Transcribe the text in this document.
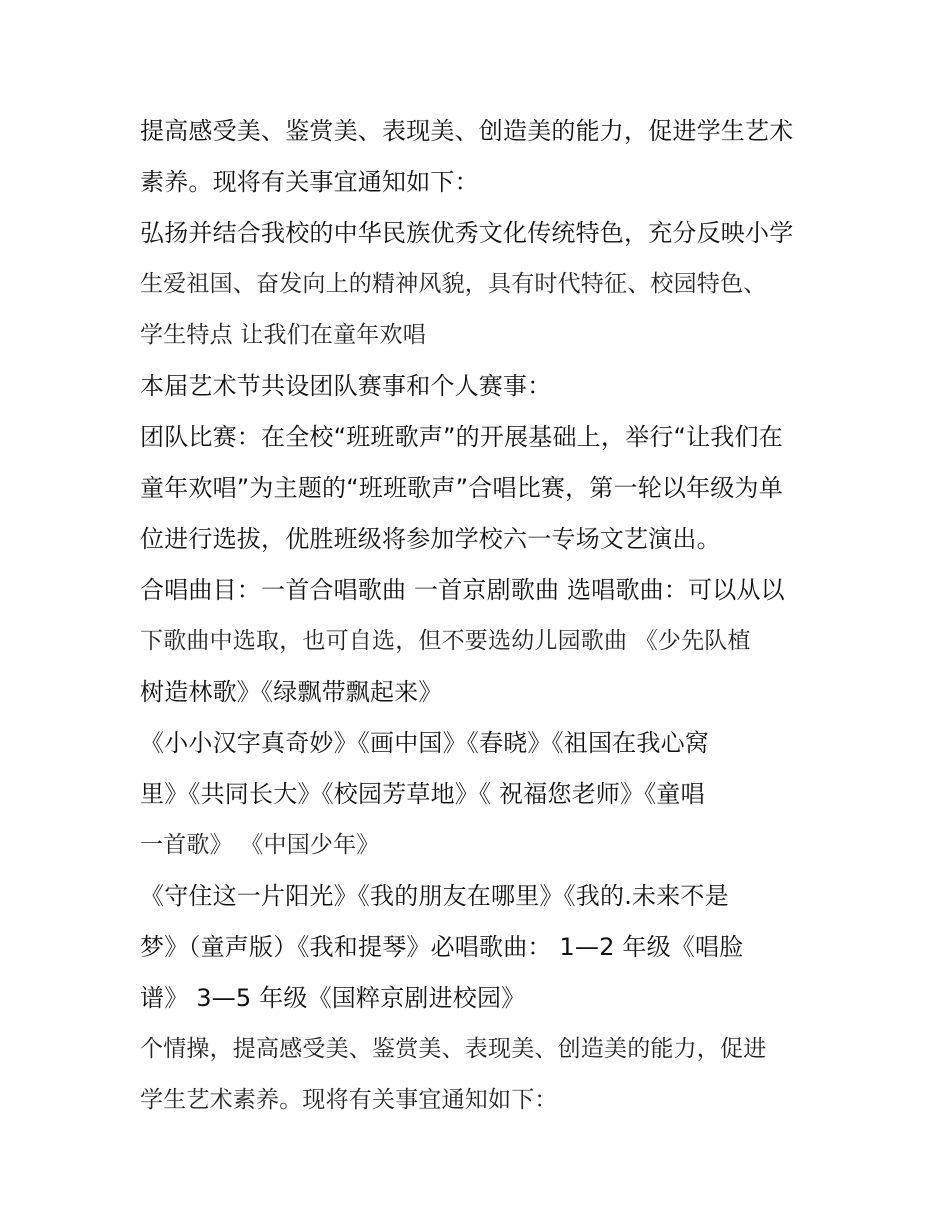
提高感受美、鉴赏美、表现美、创造美的能力，促进学生艺术
素养。现将有关事宜通知如下：
弘扬并结合我校的中华民族优秀文化传统特色，充分反映小学
生爱祖国、奋发向上的精神风貌，具有时代特征、校园特色、
学生特点 让我们在童年欢唱
本届艺术节共设团队赛事和个人赛事：
团队比赛：在全校“班班歌声”的开展基础上，举行“让我们在
童年欢唱”为主题的“班班歌声”合唱比赛，第一轮以年级为单
位进行选拔，优胜班级将参加学校六一专场文艺演出。
合唱曲目：一首合唱歌曲 一首京剧歌曲 选唱歌曲：可以从以
下歌曲中选取，也可自选，但不要选幼儿园歌曲 《少先队植
树造林歌》《绿飘带飘起来》
《小小汉字真奇妙》《画中国》《春晓》《祖国在我心窝
里》《共同长大》《校园芳草地》《 祝福您老师》《童唱
一首歌》 《中国少年》
《守住这一片阳光》《我的朋友在哪里》《我的.未来不是
梦》（童声版）《我和提琴》必唱歌曲： 1—2 年级《唱脸
谱》 3—5 年级《国粹京剧进校园》
个情操，提高感受美、鉴赏美、表现美、创造美的能力，促进
学生艺术素养。现将有关事宜通知如下：
